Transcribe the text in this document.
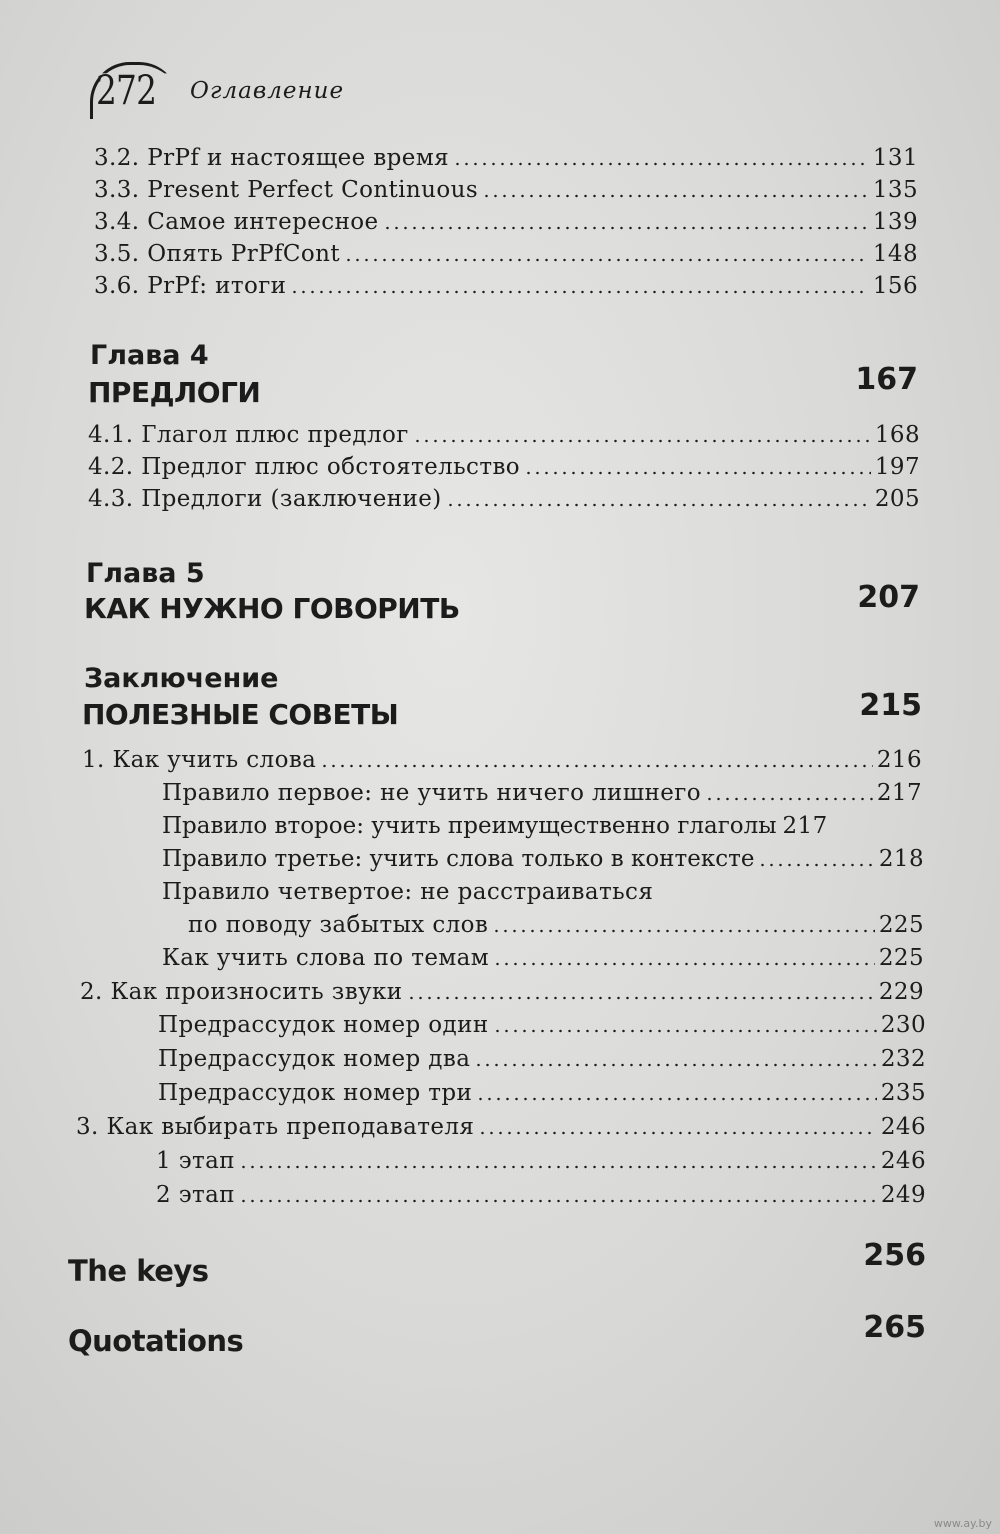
272 Оглавление
3.2. PrPf и настоящее время	131
3.3. Present Perfect Continuous	135
3.4. Самое интересное	139
3.5. Опять PrPfCont	148
3.6. PrPf: итоги	156
Глава 4
ПРЕДЛОГИ	167
4.1. Глагол плюс предлог	168
4.2. Предлог плюс обстоятельство	197
4.3. Предлоги (заключение)	205
Глава 5
КАК НУЖНО ГОВОРИТЬ	207
Заключение
ПОЛЕЗНЫЕ СОВЕТЫ	215
1. Как учить слова	216
Правило первое: не учить ничего лишнего	217
Правило второе: учить преимущественно глаголы 217
Правило третье: учить слова только в контексте	218
Правило четвертое: не расстраиваться
по поводу забытых слов	225
Как учить слова по темам	225
2. Как произносить звуки	229
Предрассудок номер один	230
Предрассудок номер два	232
Предрассудок номер три	235
3. Как выбирать преподавателя	246
1 этап	246
2 этап	249
The keys	256
Quotations	265
www.ay.by
